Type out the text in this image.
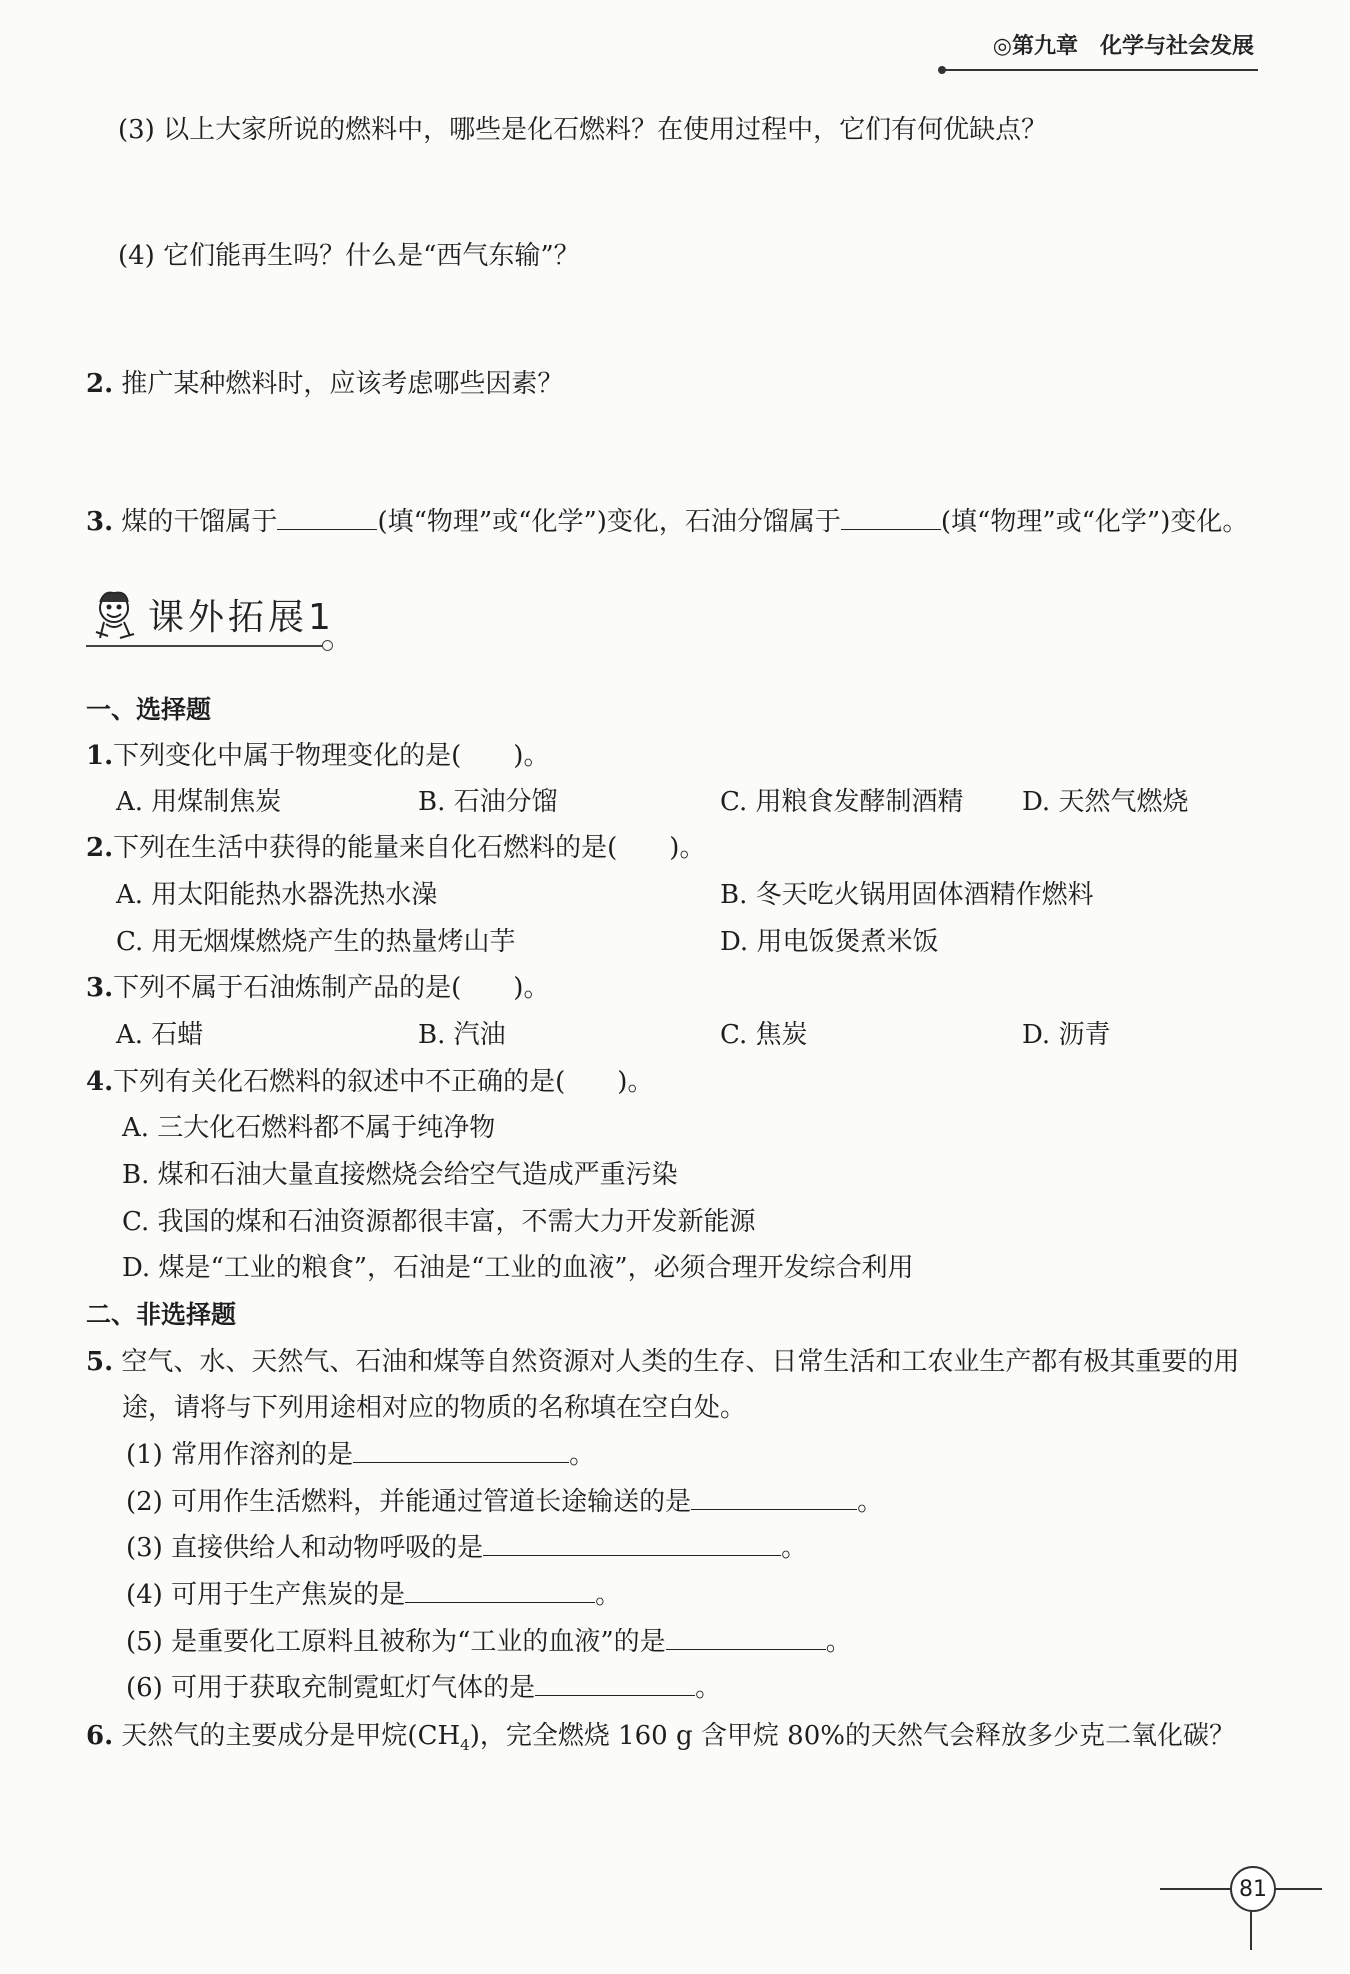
◎第九章　化学与社会发展
(3) 以上大家所说的燃料中，哪些是化石燃料？在使用过程中，它们有何优缺点？
(4) 它们能再生吗？什么是“西气东输”？
2. 推广某种燃料时，应该考虑哪些因素？
3. 煤的干馏属于	(填“物理”或“化学”)变化，石油分馏属于	(填“物理”或“化学”)变化。
课外拓展1
一、选择题
1.下列变化中属于物理变化的是(　　)。
A. 用煤制焦炭	B. 石油分馏	C. 用粮食发酵制酒精 D. 天然气燃烧
2.下列在生活中获得的能量来自化石燃料的是(　　)。
A. 用太阳能热水器洗热水澡	B. 冬天吃火锅用固体酒精作燃料
C. 用无烟煤燃烧产生的热量烤山芋	D. 用电饭煲煮米饭
3.下列不属于石油炼制产品的是(　　)。
A. 石蜡	B. 汽油	C. 焦炭	D. 沥青
4.下列有关化石燃料的叙述中不正确的是(　　)。
A. 三大化石燃料都不属于纯净物
B. 煤和石油大量直接燃烧会给空气造成严重污染
C. 我国的煤和石油资源都很丰富，不需大力开发新能源
D. 煤是“工业的粮食”，石油是“工业的血液”，必须合理开发综合利用
二、非选择题
5. 空气、水、天然气、石油和煤等自然资源对人类的生存、日常生活和工农业生产都有极其重要的用
途，请将与下列用途相对应的物质的名称填在空白处。
(1) 常用作溶剂的是	。
(2) 可用作生活燃料，并能通过管道长途输送的是	。
(3) 直接供给人和动物呼吸的是	。
(4) 可用于生产焦炭的是	。
(5) 是重要化工原料且被称为“工业的血液”的是	。
(6) 可用于获取充制霓虹灯气体的是	。
6. 天然气的主要成分是甲烷$(CH_4)$，完全燃烧 160 g 含甲烷 80%的天然气会释放多少克二氧化碳？
81
